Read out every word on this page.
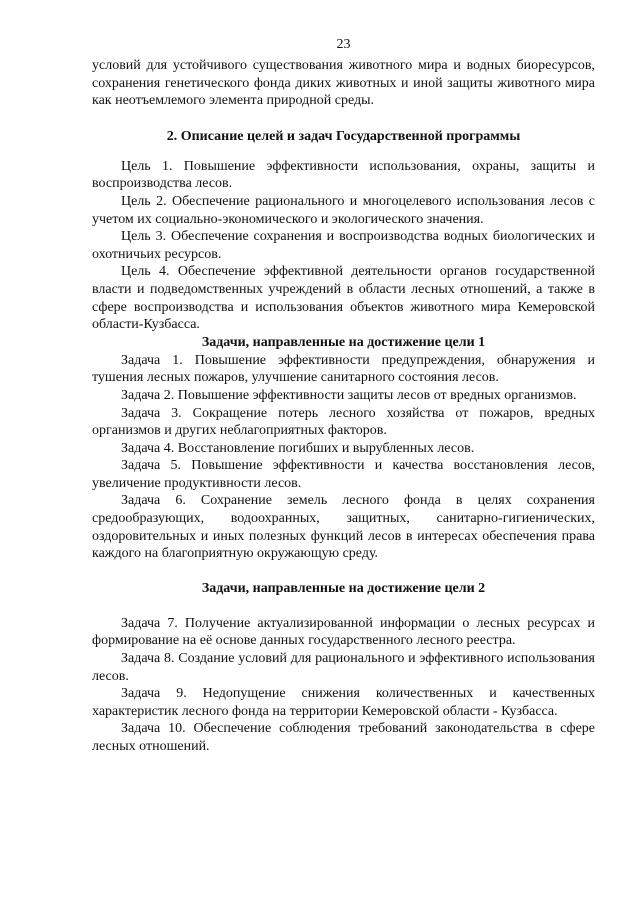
23

условий для устойчивого существования животного мира и водных биоресурсов, сохранения генетического фонда диких животных и иной защиты животного мира как неотъемлемого элемента природной среды.

2. Описание целей и задач Государственной программы

Цель 1. Повышение эффективности использования, охраны, защиты и воспроизводства лесов.

Цель 2. Обеспечение рационального и многоцелевого использования лесов с учетом их социально-экономического и экологического значения.

Цель 3. Обеспечение сохранения и воспроизводства водных биологических и охотничьих ресурсов.

Цель 4. Обеспечение эффективной деятельности органов государственной власти и подведомственных учреждений в области лесных отношений, а также в сфере воспроизводства и использования объектов животного мира Кемеровской области-Кузбасса.

Задачи, направленные на достижение цели 1

Задача 1. Повышение эффективности предупреждения, обнаружения и тушения лесных пожаров, улучшение санитарного состояния лесов.

Задача 2. Повышение эффективности защиты лесов от вредных организмов.

Задача 3. Сокращение потерь лесного хозяйства от пожаров, вредных организмов и других неблагоприятных факторов.

Задача 4. Восстановление погибших и вырубленных лесов.

Задача 5. Повышение эффективности и качества восстановления лесов, увеличение продуктивности лесов.

Задача 6. Сохранение земель лесного фонда в целях сохранения средообразующих, водоохранных, защитных, санитарно-гигиенических, оздоровительных и иных полезных функций лесов в интересах обеспечения права каждого на благоприятную окружающую среду.

Задачи, направленные на достижение цели 2

Задача 7. Получение актуализированной информации о лесных ресурсах и формирование на её основе данных государственного лесного реестра.

Задача 8. Создание условий для рационального и эффективного использования лесов.

Задача 9. Недопущение снижения количественных и качественных характеристик лесного фонда на территории Кемеровской области - Кузбасса.

Задача 10. Обеспечение соблюдения требований законодательства в сфере лесных отношений.
